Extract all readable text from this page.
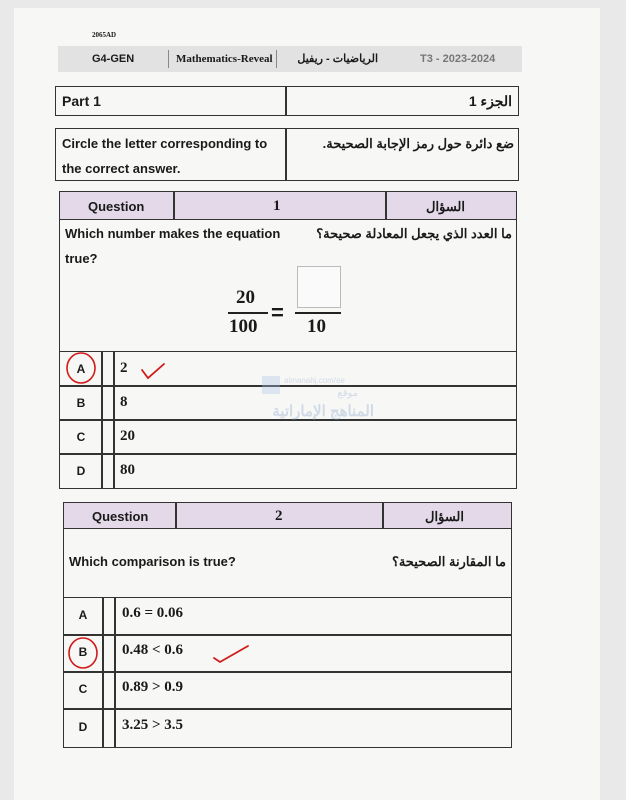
2065AD
G4-GEN	Mathematics-Reveal	الرياضيات - ريفيل	T3 - 2023-2024
Part 1	الجزء 1
Circle the letter corresponding to
the correct answer.
ضع دائرة حول رمز الإجابة الصحيحة.
Question	1	السؤال
Which number makes the equation
true?
ما العدد الذي يجعل المعادلة صحيحة؟
20
100
=
10
A	2
B	8
C	20
D	80
almanahj.com/ae
موقع
المناهج الإماراتية
Question	2	السؤال
Which comparison is true?	ما المقارنة الصحيحة؟
A	0.6 = 0.06
B	0.48 < 0.6
C	0.89 > 0.9
D	3.25 > 3.5
